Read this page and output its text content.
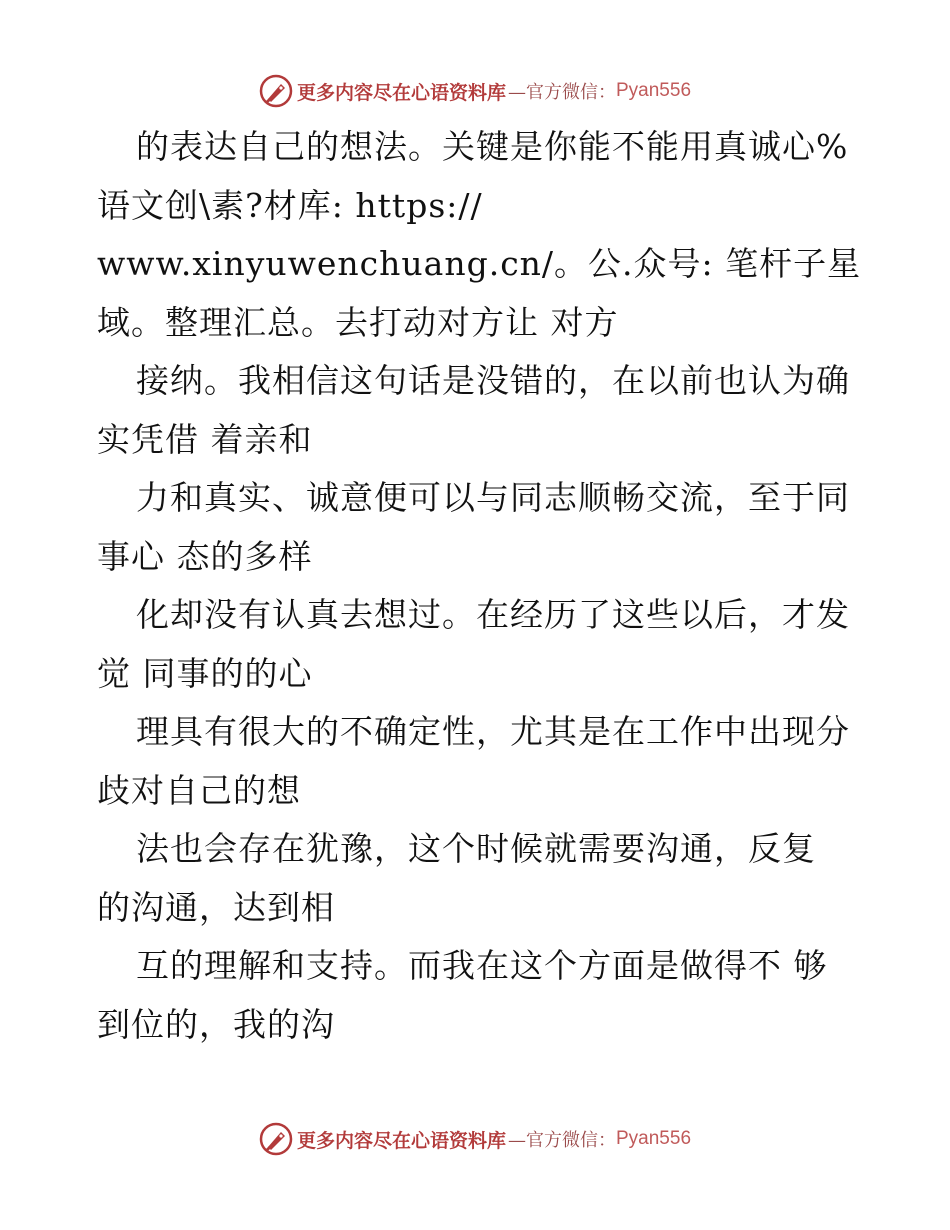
更多内容尽在心语资料库 —官方微信： Pyan556
的表达自己的想法。关键是你能不能用真诚心%
语文创\素?材库: https://
www.xinyuwenchuang.cn/。公.众号: 笔杆子星
域。整理汇总。去打动对方让 对方
接纳。我相信这句话是没错的，在以前也认为确
实凭借 着亲和
力和真实、诚意便可以与同志顺畅交流，至于同
事心 态的多样
化却没有认真去想过。在经历了这些以后，才发
觉 同事的的心
理具有很大的不确定性，尤其是在工作中出现分
歧对自己的想
法也会存在犹豫，这个时候就需要沟通，反复
的沟通，达到相
互的理解和支持。而我在这个方面是做得不 够
到位的，我的沟
更多内容尽在心语资料库 —官方微信： Pyan556
